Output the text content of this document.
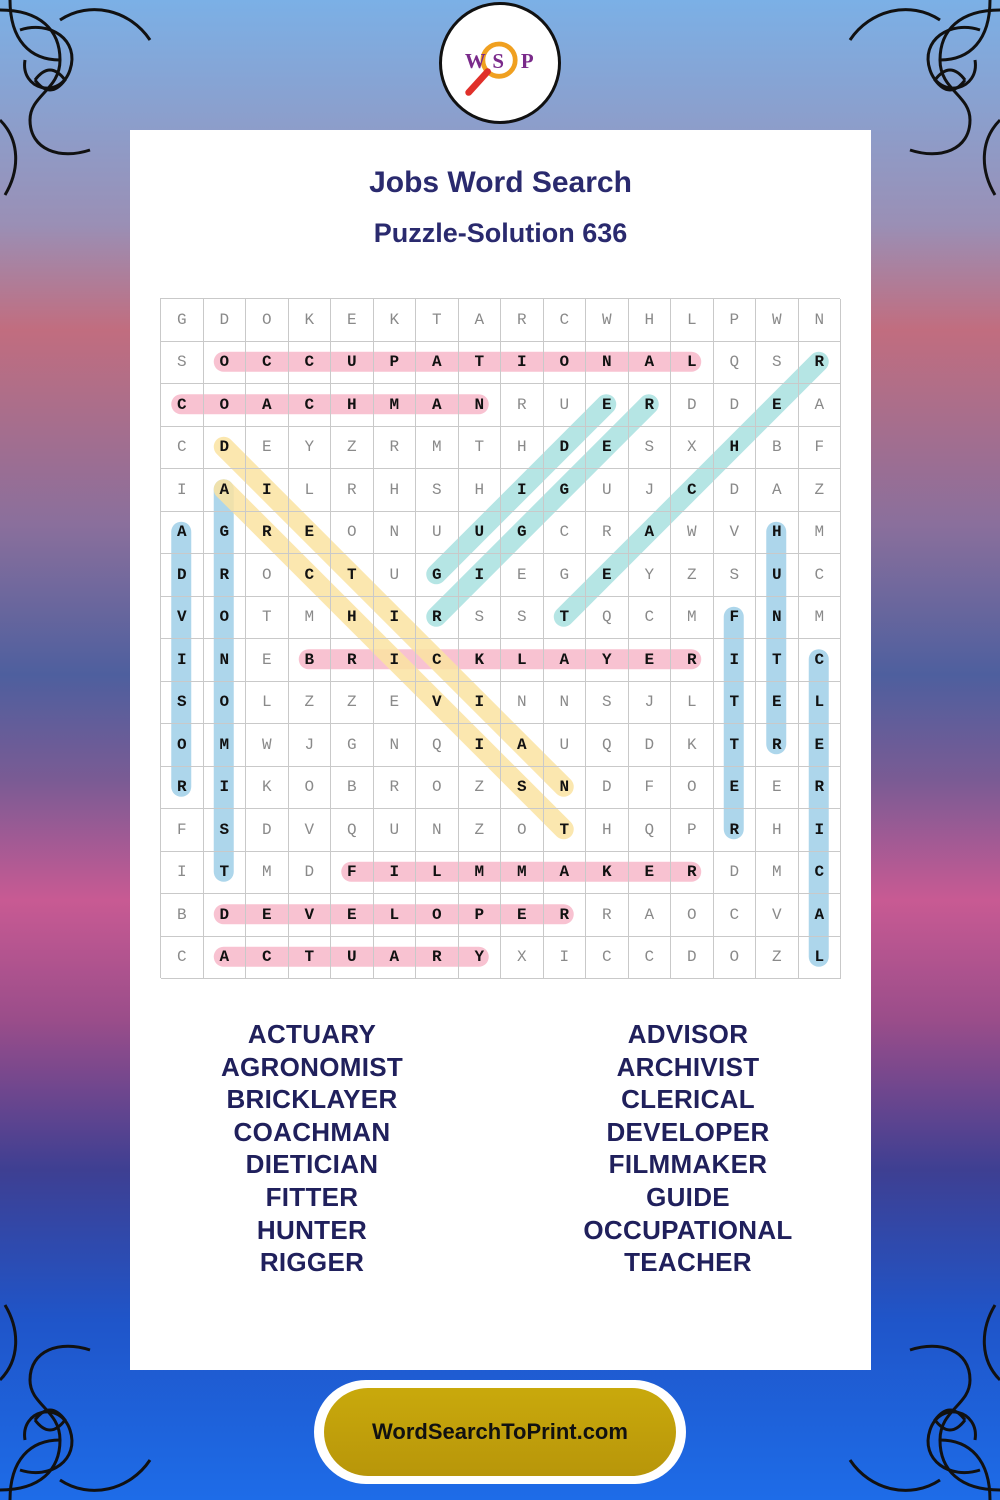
W S P
Jobs Word Search
Puzzle-Solution 636
G	D	O	K	E	K	T	A	R	C	W	H	L	P	W	N
S	O	C	C	U	P	A	T	I	O	N	A	L	Q	S	R
C	O	A	C	H	M	A	N	R	U	E	R	D	D	E	A
C	D	E	Y	Z	R	M	T	H	D	E	S	X	H	B	F
I	A	I	L	R	H	S	H	I	G	U	J	C	D	A	Z
A	G	R	E	O	N	U	U	G	C	R	A	W	V	H	M
D	R	O	C	T	U	G	I	E	G	E	Y	Z	S	U	C
V	O	T	M	H	I	R	S	S	T	Q	C	M	F	N	M
I	N	E	B	R	I	C	K	L	A	Y	E	R	I	T	C
S	O	L	Z	Z	E	V	I	N	N	S	J	L	T	E	L
O	M	W	J	G	N	Q	I	A	U	Q	D	K	T	R	E
R	I	K	O	B	R	O	Z	S	N	D	F	O	E	E	R
F	S	D	V	Q	U	N	Z	O	T	H	Q	P	R	H	I
I	T	M	D	F	I	L	M	M	A	K	E	R	D	M	C
B	D	E	V	E	L	O	P	E	R	R	A	O	C	V	A
C	A	C	T	U	A	R	Y	X	I	C	C	D	O	Z	L
ACTUARY
AGRONOMIST
BRICKLAYER
COACHMAN
DIETICIAN
FITTER
HUNTER
RIGGER
ADVISOR
ARCHIVIST
CLERICAL
DEVELOPER
FILMMAKER
GUIDE
OCCUPATIONAL
TEACHER
WordSearchToPrint.com
